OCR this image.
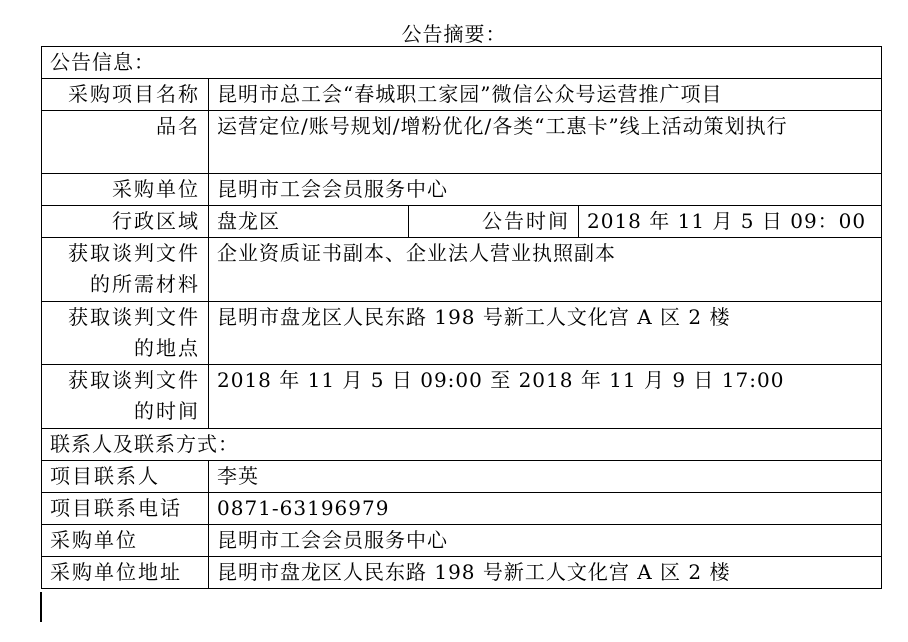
公告摘要：
公告信息：			
采购项目名称	昆明市总工会“春城职工家园”微信公众号运营推广项目		
品名	运营定位/账号规划/增粉优化/各类“工惠卡”线上活动策划执行		
采购单位	昆明市工会会员服务中心		
行政区域	盘龙区	公告时间	2018 年 11 月 5 日 09：00
获取谈判文件的所需材料	企业资质证书副本、企业法人营业执照副本		
获取谈判文件的地点	昆明市盘龙区人民东路 198 号新工人文化宫 A 区 2 楼		
获取谈判文件的时间	2018 年 11 月 5 日 09:00 至 2018 年 11 月 9 日 17:00		
联系人及联系方式：			
项目联系人	李英		
项目联系电话	0871-63196979		
采购单位	昆明市工会会员服务中心		
采购单位地址	昆明市盘龙区人民东路 198 号新工人文化宫 A 区 2 楼		
